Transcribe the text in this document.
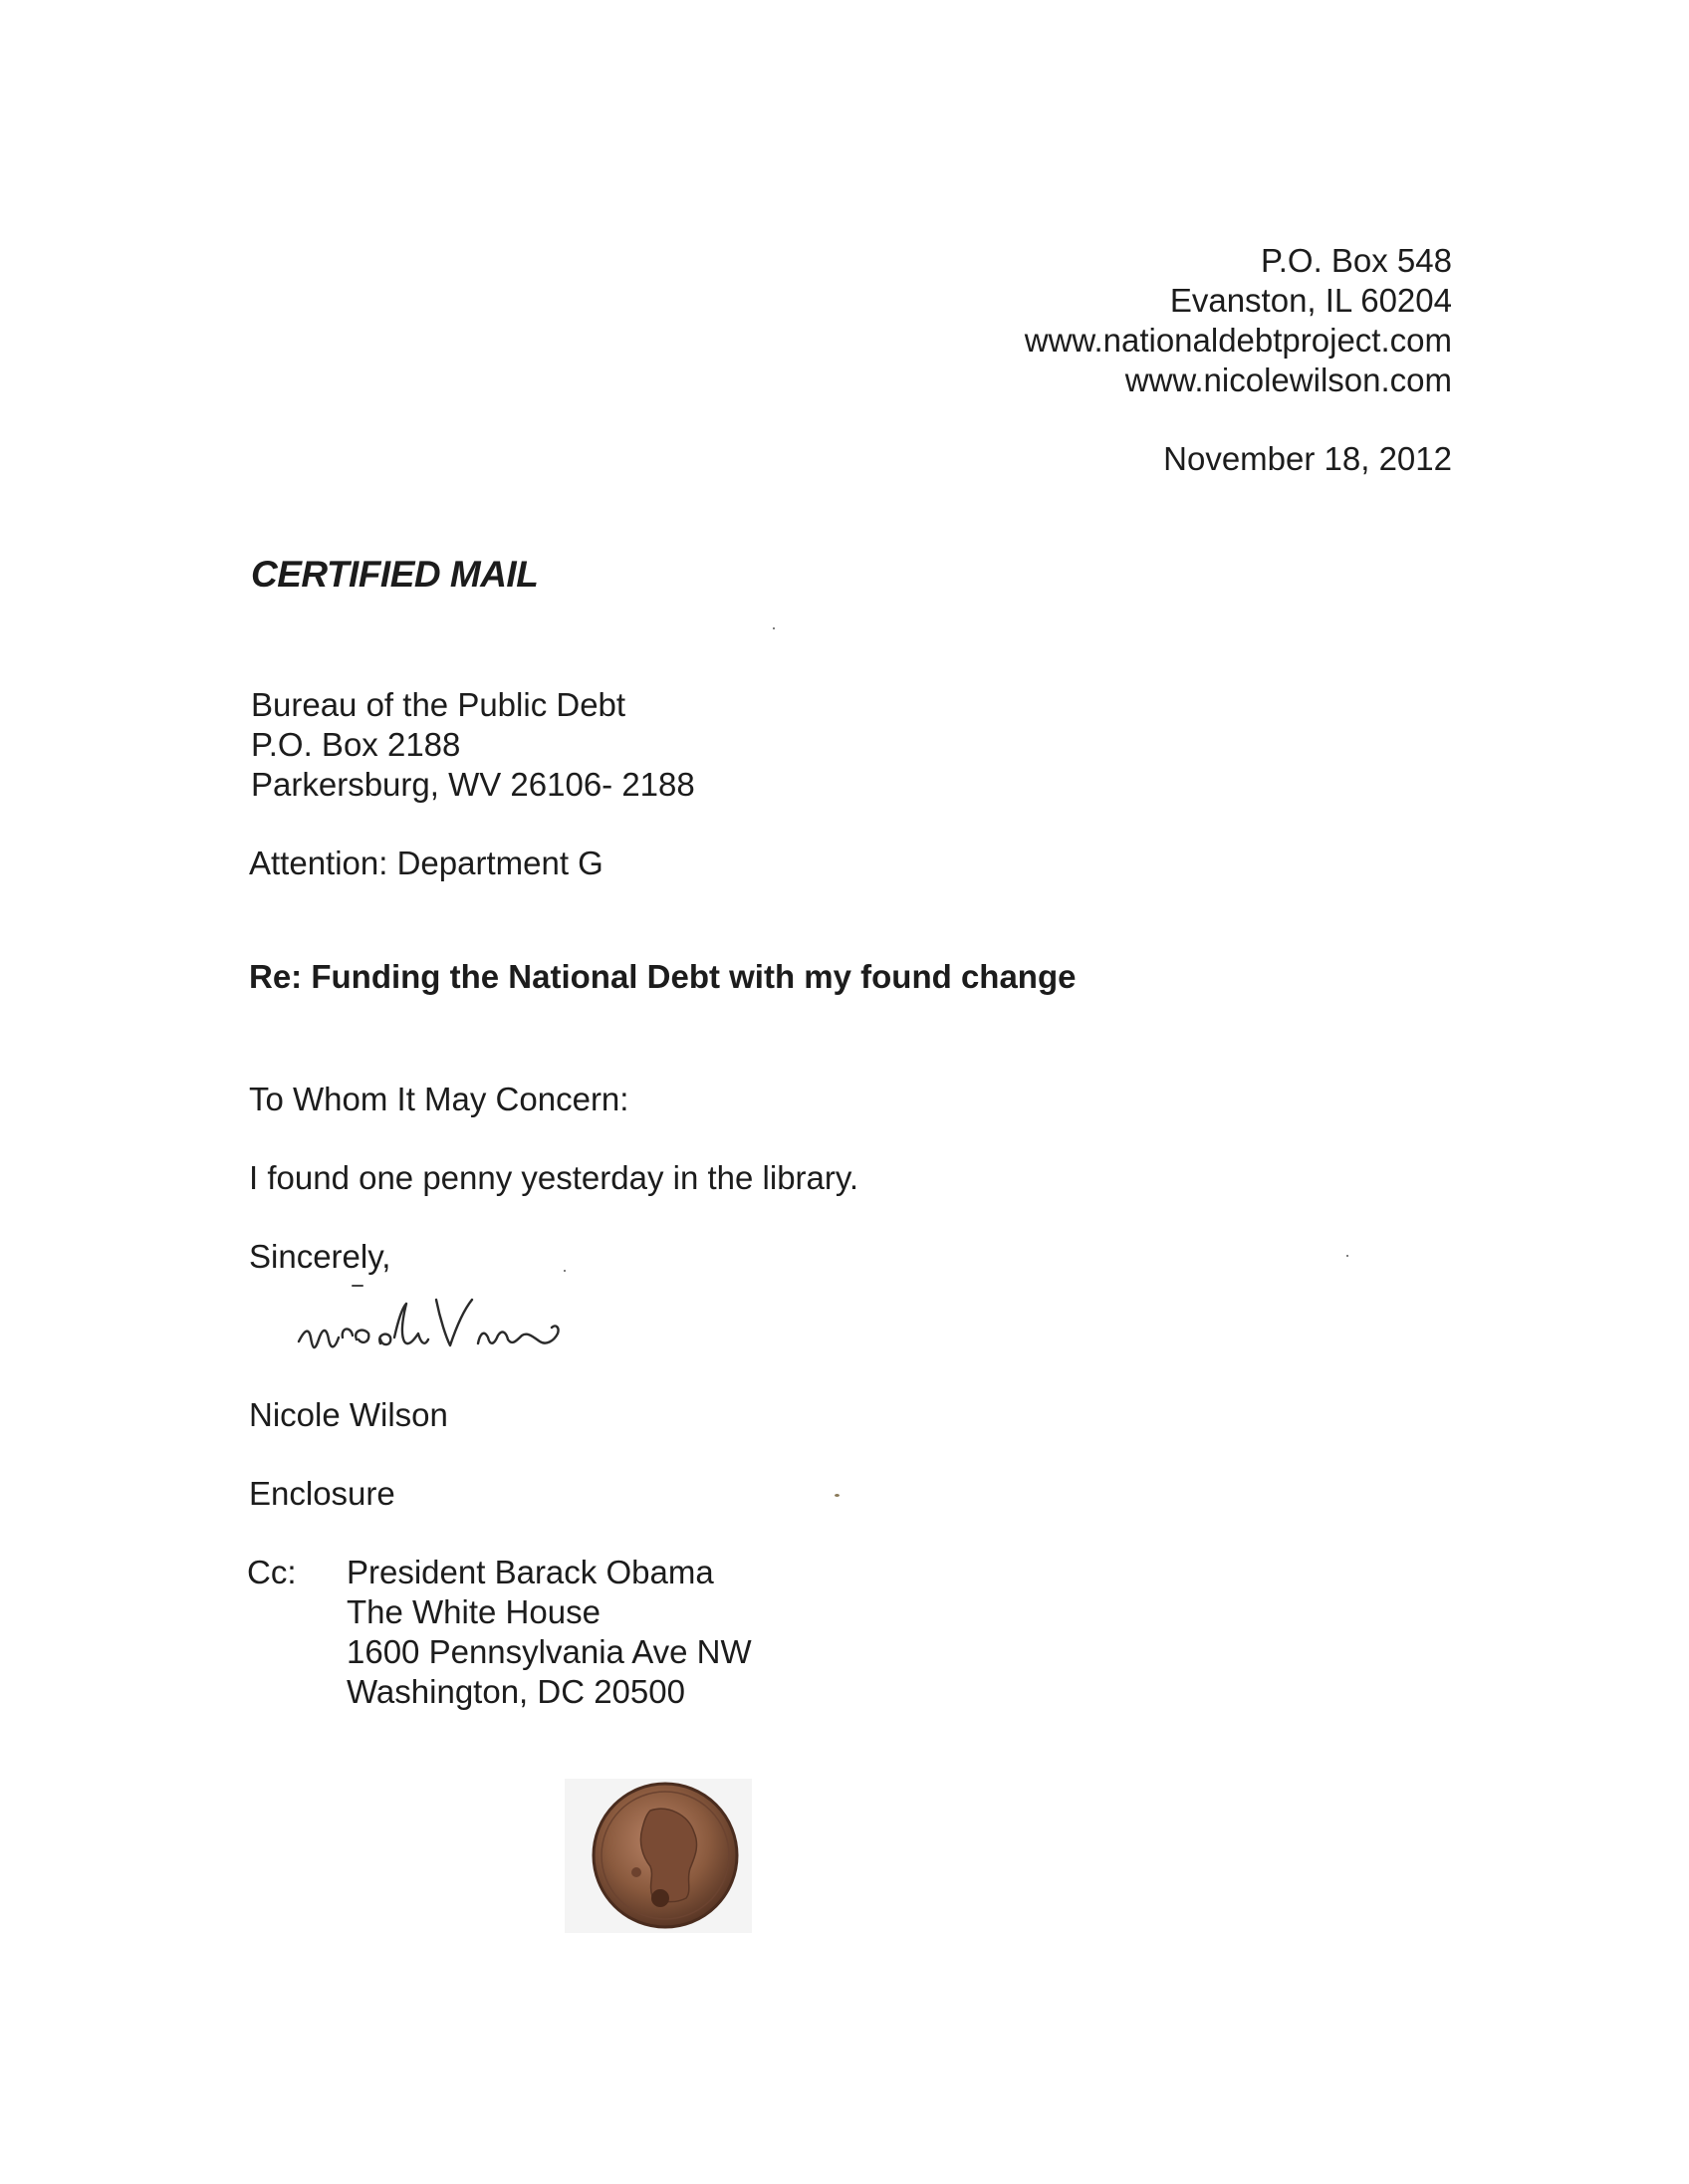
P.O. Box 548
Evanston, IL 60204
www.nationaldebtproject.com
www.nicolewilson.com
November 18, 2012
CERTIFIED MAIL
Bureau of the Public Debt
P.O. Box 2188
Parkersburg, WV 26106- 2188
Attention: Department G
Re: Funding the National Debt with my found change
To Whom It May Concern:
I found one penny yesterday in the library.
Sincerely,
Nicole Wilson
Enclosure
Cc: President Barack Obama
The White House
1600 Pennsylvania Ave NW
Washington, DC 20500
